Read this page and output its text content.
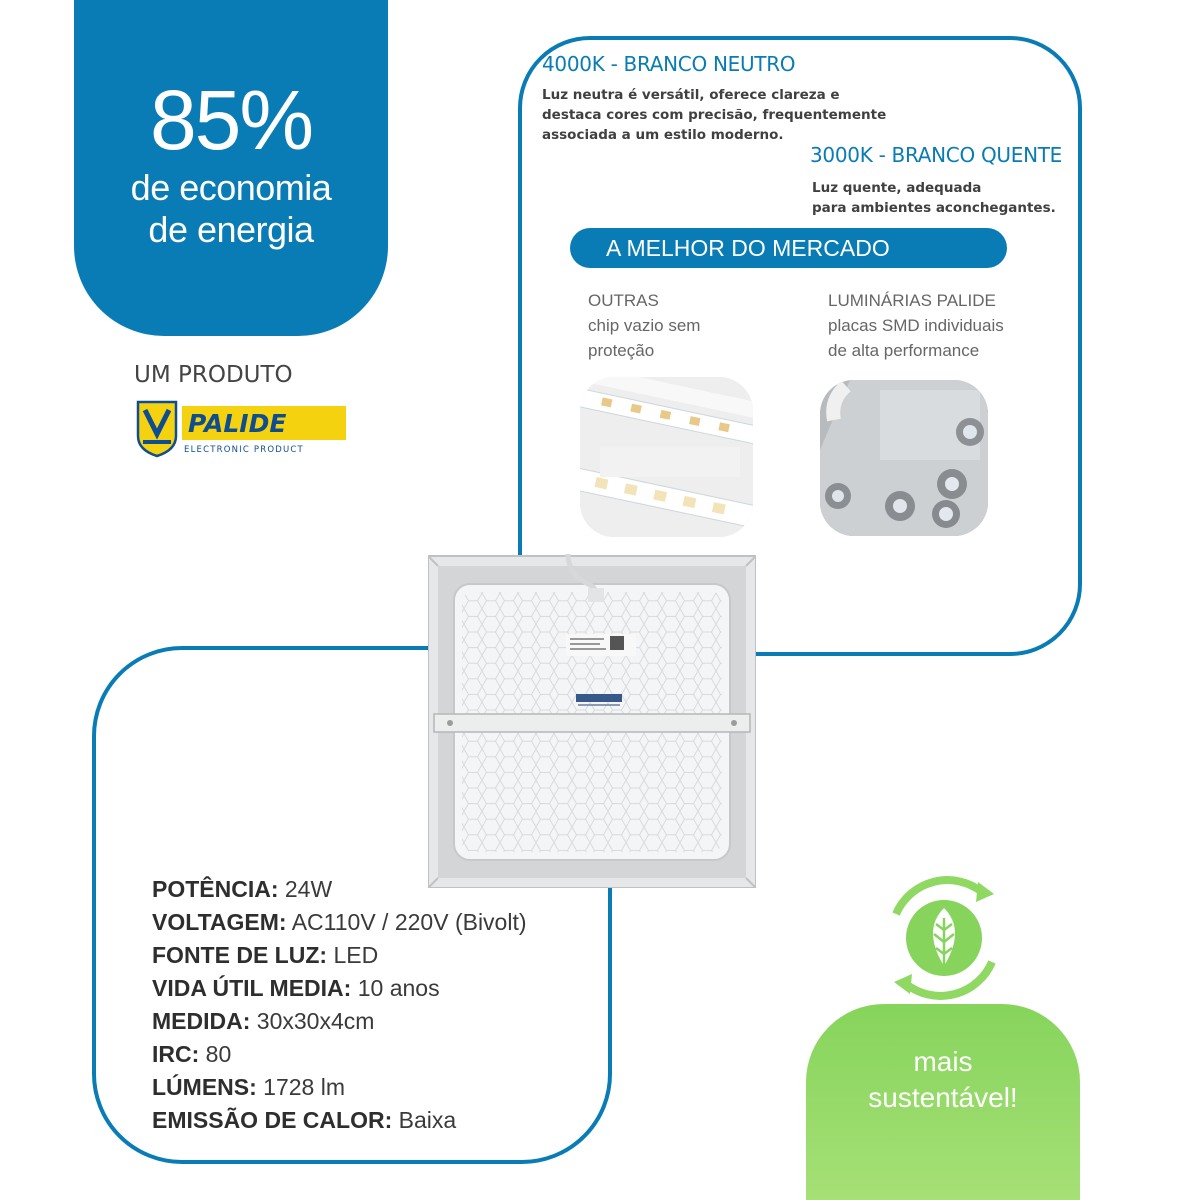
85%
de economia
de energia
UM PRODUTO
PALIDE
ELECTRONIC PRODUCT
4000K - BRANCO NEUTRO
Luz neutra é versátil, oferece clareza e
destaca cores com precisão, frequentemente
associada a um estilo moderno.
3000K - BRANCO QUENTE
Luz quente, adequada
para ambientes aconchegantes.
A MELHOR DO MERCADO
OUTRAS
chip vazio sem
proteção
LUMINÁRIAS PALIDE
placas SMD individuais
de alta performance
POTÊNCIA: 24W
VOLTAGEM: AC110V / 220V (Bivolt)
FONTE DE LUZ: LED
VIDA ÚTIL MEDIA: 10 anos
MEDIDA: 30x30x4cm
IRC: 80
LÚMENS: 1728 lm
EMISSÃO DE CALOR: Baixa
mais
sustentável!
